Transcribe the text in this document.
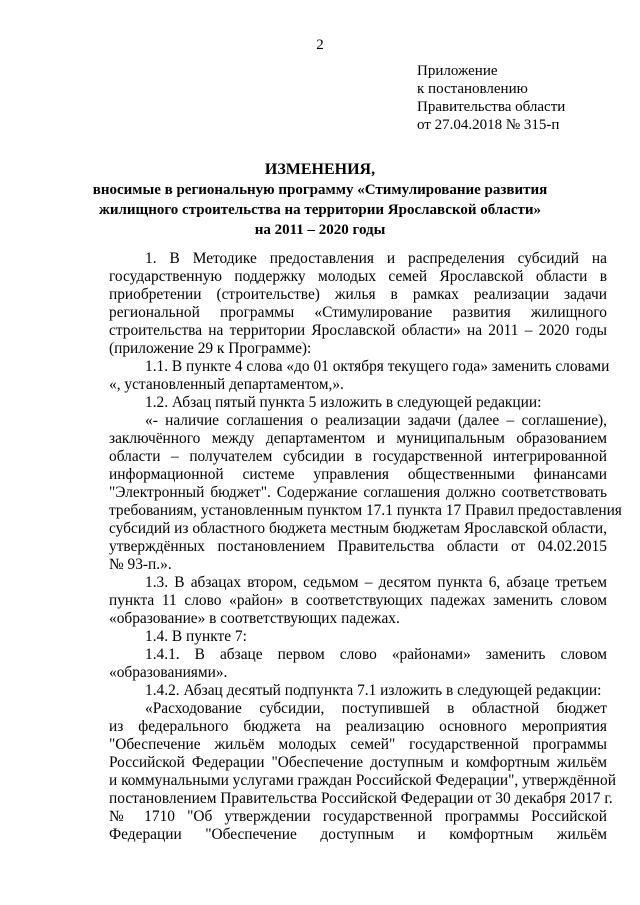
2
Приложение
к постановлению
Правительства области
от 27.04.2018 № 315-п
ИЗМЕНЕНИЯ,
вносимые в региональную программу «Стимулирование развития
жилищного строительства на территории Ярославской области»
на 2011 – 2020 годы
1. В Методике предоставления и распределения субсидий на
государственную поддержку молодых семей Ярославской области в
приобретении (строительстве) жилья в рамках реализации задачи
региональной программы «Стимулирование развития жилищного
строительства на территории Ярославской области» на 2011 – 2020 годы
(приложение 29 к Программе):
1.1. В пункте 4 слова «до 01 октября текущего года» заменить словами
«, установленный департаментом,».
1.2. Абзац пятый пункта 5 изложить в следующей редакции:
«- наличие соглашения о реализации задачи (далее – соглашение),
заключённого между департаментом и муниципальным образованием
области – получателем субсидии в государственной интегрированной
информационной системе управления общественными финансами
"Электронный бюджет". Содержание соглашения должно соответствовать
требованиям, установленным пунктом 17.1 пункта 17 Правил предоставления
субсидий из областного бюджета местным бюджетам Ярославской области,
утверждённых постановлением Правительства области от 04.02.2015
№ 93-п.».
1.3. В абзацах втором, седьмом – десятом пункта 6, абзаце третьем
пункта 11 слово «район» в соответствующих падежах заменить словом
«образование» в соответствующих падежах.
1.4. В пункте 7:
1.4.1. В абзаце первом слово «районами» заменить словом
«образованиями».
1.4.2. Абзац десятый подпункта 7.1 изложить в следующей редакции:
«Расходование субсидии, поступившей в областной бюджет
из федерального бюджета на реализацию основного мероприятия
"Обеспечение жильём молодых семей" государственной программы
Российской Федерации "Обеспечение доступным и комфортным жильём
и коммунальными услугами граждан Российской Федерации", утверждённой
постановлением Правительства Российской Федерации от 30 декабря 2017 г.
№ 1710 "Об утверждении государственной программы Российской
Федерации "Обеспечение доступным и комфортным жильём
